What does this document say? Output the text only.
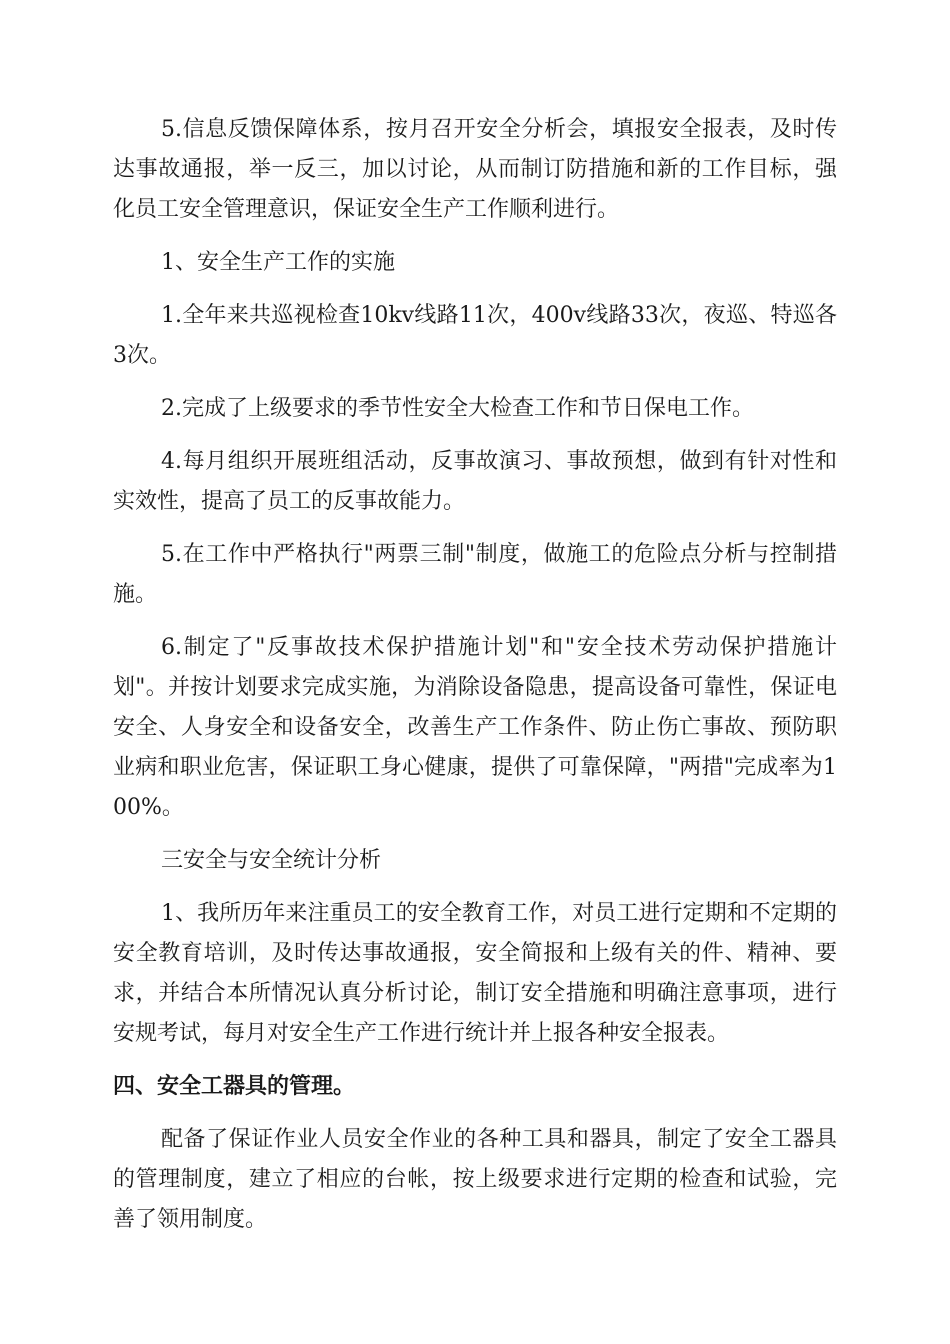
5.信息反馈保障体系，按月召开安全分析会，填报安全报表，及时传达事故通报，举一反三，加以讨论，从而制订防措施和新的工作目标，强化员工安全管理意识，保证安全生产工作顺利进行。

1、安全生产工作的实施

1.全年来共巡视检查10kv线路11次，400v线路33次，夜巡、特巡各3次。

2.完成了上级要求的季节性安全大检查工作和节日保电工作。

4.每月组织开展班组活动，反事故演习、事故预想，做到有针对性和实效性，提高了员工的反事故能力。

5.在工作中严格执行"两票三制"制度，做施工的危险点分析与控制措施。

6.制定了"反事故技术保护措施计划"和"安全技术劳动保护措施计划"。并按计划要求完成实施，为消除设备隐患，提高设备可靠性，保证电安全、人身安全和设备安全，改善生产工作条件、防止伤亡事故、预防职业病和职业危害，保证职工身心健康，提供了可靠保障，"两措"完成率为100%。

三安全与安全统计分析

1、我所历年来注重员工的安全教育工作，对员工进行定期和不定期的安全教育培训，及时传达事故通报，安全简报和上级有关的件、精神、要求，并结合本所情况认真分析讨论，制订安全措施和明确注意事项，进行安规考试，每月对安全生产工作进行统计并上报各种安全报表。

四、安全工器具的管理。

配备了保证作业人员安全作业的各种工具和器具，制定了安全工器具的管理制度，建立了相应的台帐，按上级要求进行定期的检查和试验，完善了领用制度。
